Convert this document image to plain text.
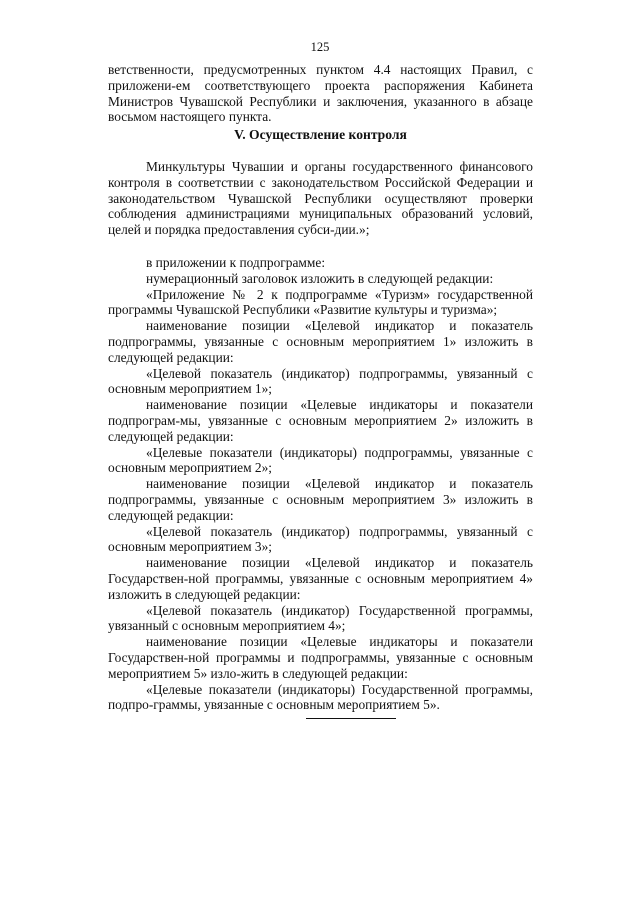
125

ветственности, предусмотренных пунктом 4.4 настоящих Правил, с приложени-ем соответствующего проекта распоряжения Кабинета Министров Чувашской Республики и заключения, указанного в абзаце восьмом настоящего пункта.

V. Осуществление контроля

Минкультуры Чувашии и органы государственного финансового контроля в соответствии с законодательством Российской Федерации и законодательством Чувашской Республики осуществляют проверки соблюдения администрациями муниципальных образований условий, целей и порядка предоставления субси-дии.»;

в приложении к подпрограмме:

нумерационный заголовок изложить в следующей редакции:

«Приложение № 2 к подпрограмме «Туризм» государственной программы Чувашской Республики «Развитие культуры и туризма»;

наименование позиции «Целевой индикатор и показатель подпрограммы, увязанные с основным мероприятием 1» изложить в следующей редакции:

«Целевой показатель (индикатор) подпрограммы, увязанный с основным мероприятием 1»;

наименование позиции «Целевые индикаторы и показатели подпрограм-мы, увязанные с основным мероприятием 2» изложить в следующей редакции:

«Целевые показатели (индикаторы) подпрограммы, увязанные с основным мероприятием 2»;

наименование позиции «Целевой индикатор и показатель подпрограммы, увязанные с основным мероприятием 3» изложить в следующей редакции:

«Целевой показатель (индикатор) подпрограммы, увязанный с основным мероприятием 3»;

наименование позиции «Целевой индикатор и показатель Государствен-ной программы, увязанные с основным мероприятием 4» изложить в следующей редакции:

«Целевой показатель (индикатор) Государственной программы, увязанный с основным мероприятием 4»;

наименование позиции «Целевые индикаторы и показатели Государствен-ной программы и подпрограммы, увязанные с основным мероприятием 5» изло-жить в следующей редакции:

«Целевые показатели (индикаторы) Государственной программы, подпро-граммы, увязанные с основным мероприятием 5».
